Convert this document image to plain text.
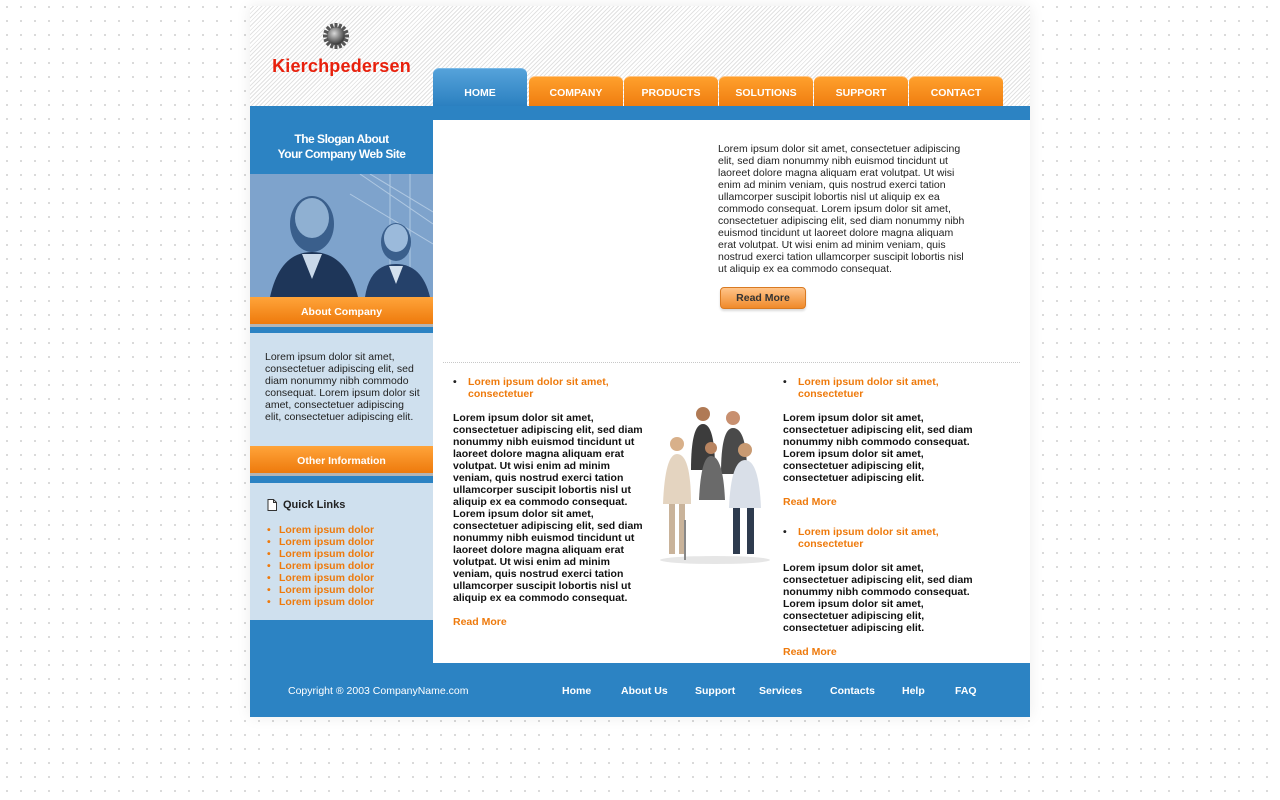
Kierchpedersen
HOME	COMPANY	PRODUCTS	SOLUTIONS	SUPPORT	CONTACT
The Slogan About
Your Company Web Site
About Company
Lorem ipsum dolor sit amet, consectetuer adipiscing elit, sed diam nonummy nibh commodo consequat. Lorem ipsum dolor sit amet, consectetuer adipiscing elit, consectetuer adipiscing elit.
Other Information
Quick Links
• Lorem ipsum dolor
• Lorem ipsum dolor
• Lorem ipsum dolor
• Lorem ipsum dolor
• Lorem ipsum dolor
• Lorem ipsum dolor
• Lorem ipsum dolor
Lorem ipsum dolor sit amet, consectetuer adipiscing elit, sed diam nonummy nibh euismod tincidunt ut laoreet dolore magna aliquam erat volutpat. Ut wisi enim ad minim veniam, quis nostrud exerci tation ullamcorper suscipit lobortis nisl ut aliquip ex ea commodo consequat. Lorem ipsum dolor sit amet, consectetuer adipiscing elit, sed diam nonummy nibh euismod tincidunt ut laoreet dolore magna aliquam erat volutpat. Ut wisi enim ad minim veniam, quis nostrud exerci tation ullamcorper suscipit lobortis nisl ut aliquip ex ea commodo consequat.
Read More
• Lorem ipsum dolor sit amet, consectetuer
Lorem ipsum dolor sit amet, consectetuer adipiscing elit, sed diam nonummy nibh euismod tincidunt ut laoreet dolore magna aliquam erat volutpat. Ut wisi enim ad minim veniam, quis nostrud exerci tation ullamcorper suscipit lobortis nisl ut aliquip ex ea commodo consequat. Lorem ipsum dolor sit amet, consectetuer adipiscing elit, sed diam nonummy nibh euismod tincidunt ut laoreet dolore magna aliquam erat volutpat. Ut wisi enim ad minim veniam, quis nostrud exerci tation ullamcorper suscipit lobortis nisl ut aliquip ex ea commodo consequat.
Read More
• Lorem ipsum dolor sit amet, consectetuer
Lorem ipsum dolor sit amet, consectetuer adipiscing elit, sed diam nonummy nibh commodo consequat. Lorem ipsum dolor sit amet, consectetuer adipiscing elit, consectetuer adipiscing elit.
Read More
• Lorem ipsum dolor sit amet, consectetuer
Lorem ipsum dolor sit amet, consectetuer adipiscing elit, sed diam nonummy nibh commodo consequat. Lorem ipsum dolor sit amet, consectetuer adipiscing elit, consectetuer adipiscing elit.
Read More
Copyright ® 2003 CompanyName.com	Home	About Us	Support Services	Contacts	Help	FAQ
